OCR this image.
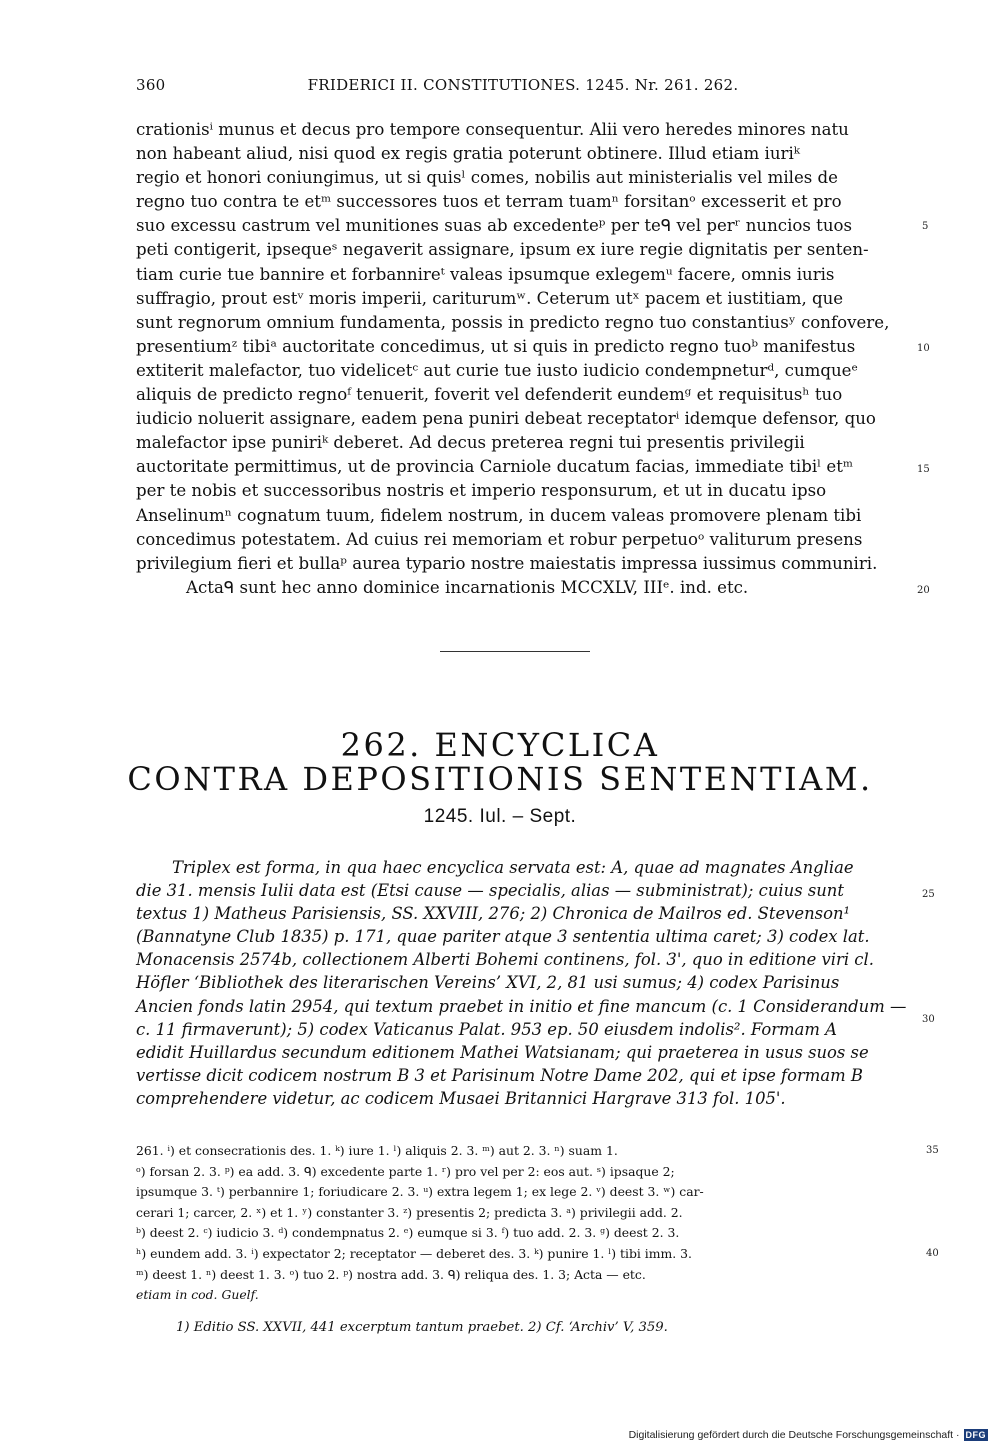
360	FRIDERICI II. CONSTITUTIONES. 1245. Nr. 261. 262.
crationisⁱ munus et decus pro tempore consequentur. Alii vero heredes minores natu
non habeant aliud, nisi quod ex regis gratia poterunt obtinere. Illud etiam iuriᵏ
regio et honori coniungimus, ut si quisˡ comes, nobilis aut ministerialis vel miles de
regno tuo contra te etᵐ successores tuos et terram tuamⁿ forsitanᵒ excesserit et pro
suo excessu castrum vel munitiones suas ab excedenteᵖ per teᑫ vel perʳ nuncios tuos
peti contigerit, ipsequeˢ negaverit assignare, ipsum ex iure regie dignitatis per senten-
tiam curie tue bannire et forbannireᵗ valeas ipsumque exlegemᵘ facere, omnis iuris
suffragio, prout estᵛ moris imperii, cariturumʷ. Ceterum utˣ pacem et iustitiam, que
sunt regnorum omnium fundamenta, possis in predicto regno tuo constantiusʸ confovere,
presentiumᶻ tibiᵃ auctoritate concedimus, ut si quis in predicto regno tuoᵇ manifestus
extiterit malefactor, tuo videlicetᶜ aut curie tue iusto iudicio condempneturᵈ, cumqueᵉ
aliquis de predicto regnoᶠ tenuerit, foverit vel defenderit eundemᵍ et requisitusʰ tuo
iudicio noluerit assignare, eadem pena puniri debeat receptatorⁱ idemque defensor, quo
malefactor ipse puniriᵏ deberet. Ad decus preterea regni tui presentis privilegii
auctoritate permittimus, ut de provincia Carniole ducatum facias, immediate tibiˡ etᵐ
per te nobis et successoribus nostris et imperio responsurum, et ut in ducatu ipso
Anselinumⁿ cognatum tuum, fidelem nostrum, in ducem valeas promovere plenam tibi
concedimus potestatem. Ad cuius rei memoriam et robur perpetuoᵒ valiturum presens
privilegium fieri et bullaᵖ aurea typario nostre maiestatis impressa iussimus communiri.
Actaᑫ sunt hec anno dominice incarnationis MCCXLV, IIIᵉ. ind. etc.
5
10
15
20
262. ENCYCLICA
CONTRA DEPOSITIONIS SENTENTIAM.
1245. Iul. – Sept.
Triplex est forma, in qua haec encyclica servata est: A, quae ad magnates Angliae
die 31. mensis Iulii data est (Etsi cause — specialis, alias — subministrat); cuius sunt
textus 1) Matheus Parisiensis, SS. XXVIII, 276; 2) Chronica de Mailros ed. Stevenson¹
(Bannatyne Club 1835) p. 171, quae pariter atque 3 sententia ultima caret; 3) codex lat.
Monacensis 2574b, collectionem Alberti Bohemi continens, fol. 3', quo in editione viri cl.
Höfler ‘Bibliothek des literarischen Vereins’ XVI, 2, 81 usi sumus; 4) codex Parisinus
Ancien fonds latin 2954, qui textum praebet in initio et fine mancum (c. 1 Considerandum —
c. 11 firmaverunt); 5) codex Vaticanus Palat. 953 ep. 50 eiusdem indolis². Formam A
edidit Huillardus secundum editionem Mathei Watsianam; qui praeterea in usus suos se
vertisse dicit codicem nostrum B 3 et Parisinum Notre Dame 202, qui et ipse formam B
comprehendere videtur, ac codicem Musaei Britannici Hargrave 313 fol. 105'.
25
30
261. ⁱ) et consecrationis des. 1. ᵏ) iure 1. ˡ) aliquis 2. 3. ᵐ) aut 2. 3. ⁿ) suam 1.
ᵒ) forsan 2. 3. ᵖ) ea add. 3. ᑫ) excedente parte 1. ʳ) pro vel per 2: eos aut. ˢ) ipsaque 2;
ipsumque 3. ᵗ) perbannire 1; foriudicare 2. 3. ᵘ) extra legem 1; ex lege 2. ᵛ) deest 3. ʷ) car-
cerari 1; carcer, 2. ˣ) et 1. ʸ) constanter 3. ᶻ) presentis 2; predicta 3. ᵃ) privilegii add. 2.
ᵇ) deest 2. ᶜ) iudicio 3. ᵈ) condempnatus 2. ᵉ) eumque si 3. ᶠ) tuo add. 2. 3. ᵍ) deest 2. 3.
ʰ) eundem add. 3. ⁱ) expectator 2; receptator — deberet des. 3. ᵏ) punire 1. ˡ) tibi imm. 3.
ᵐ) deest 1. ⁿ) deest 1. 3. ᵒ) tuo 2. ᵖ) nostra add. 3. ᑫ) reliqua des. 1. 3; Acta — etc.
etiam in cod. Guelf.
35
40
1) Editio SS. XXVII, 441 excerptum tantum praebet. 2) Cf. ‘Archiv’ V, 359.
Digitalisierung gefördert durch die Deutsche Forschungsgemeinschaft · DFG
